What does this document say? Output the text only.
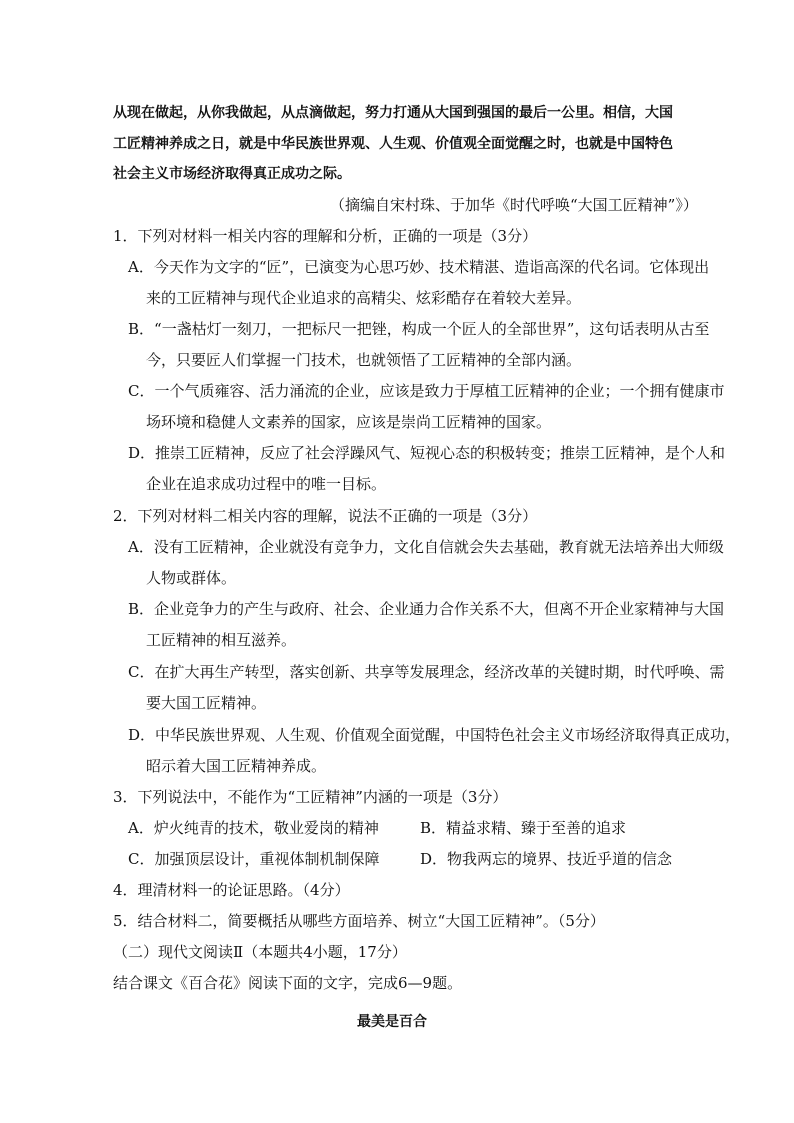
从现在做起，从你我做起，从点滴做起，努力打通从大国到强国的最后一公里。相信，大国
工匠精神养成之日，就是中华民族世界观、人生观、价值观全面觉醒之时，也就是中国特色
社会主义市场经济取得真正成功之际。
（摘编自宋村珠、于加华《时代呼唤“大国工匠精神”》）
1．下列对材料一相关内容的理解和分析，正确的一项是（3分）
A．今天作为文字的“匠”，已演变为心思巧妙、技术精湛、造诣高深的代名词。它体现出
来的工匠精神与现代企业追求的高精尖、炫彩酷存在着较大差异。
B．“一盏枯灯一刻刀，一把标尺一把锉，构成一个匠人的全部世界”，这句话表明从古至
今，只要匠人们掌握一门技术，也就领悟了工匠精神的全部内涵。
C．一个气质雍容、活力涌流的企业，应该是致力于厚植工匠精神的企业；一个拥有健康市
场环境和稳健人文素养的国家，应该是崇尚工匠精神的国家。
D．推崇工匠精神，反应了社会浮躁风气、短视心态的积极转变；推崇工匠精神，是个人和
企业在追求成功过程中的唯一目标。
2．下列对材料二相关内容的理解，说法不正确的一项是（3分）
A．没有工匠精神，企业就没有竞争力，文化自信就会失去基础，教育就无法培养出大师级
人物或群体。
B．企业竞争力的产生与政府、社会、企业通力合作关系不大，但离不开企业家精神与大国
工匠精神的相互滋养。
C．在扩大再生产转型，落实创新、共享等发展理念，经济改革的关键时期，时代呼唤、需
要大国工匠精神。
D．中华民族世界观、人生观、价值观全面觉醒，中国特色社会主义市场经济取得真正成功，
昭示着大国工匠精神养成。
3．下列说法中，不能作为“工匠精神”内涵的一项是（3分）
A．炉火纯青的技术，敬业爱岗的精神	B．精益求精、臻于至善的追求
C．加强顶层设计，重视体制机制保障	D．物我两忘的境界、技近乎道的信念
4．理清材料一的论证思路。（4分）
5．结合材料二，简要概括从哪些方面培养、树立“大国工匠精神”。（5分）
（二）现代文阅读Ⅱ（本题共4小题，17分）
结合课文《百合花》阅读下面的文字，完成6—9题。
最美是百合
